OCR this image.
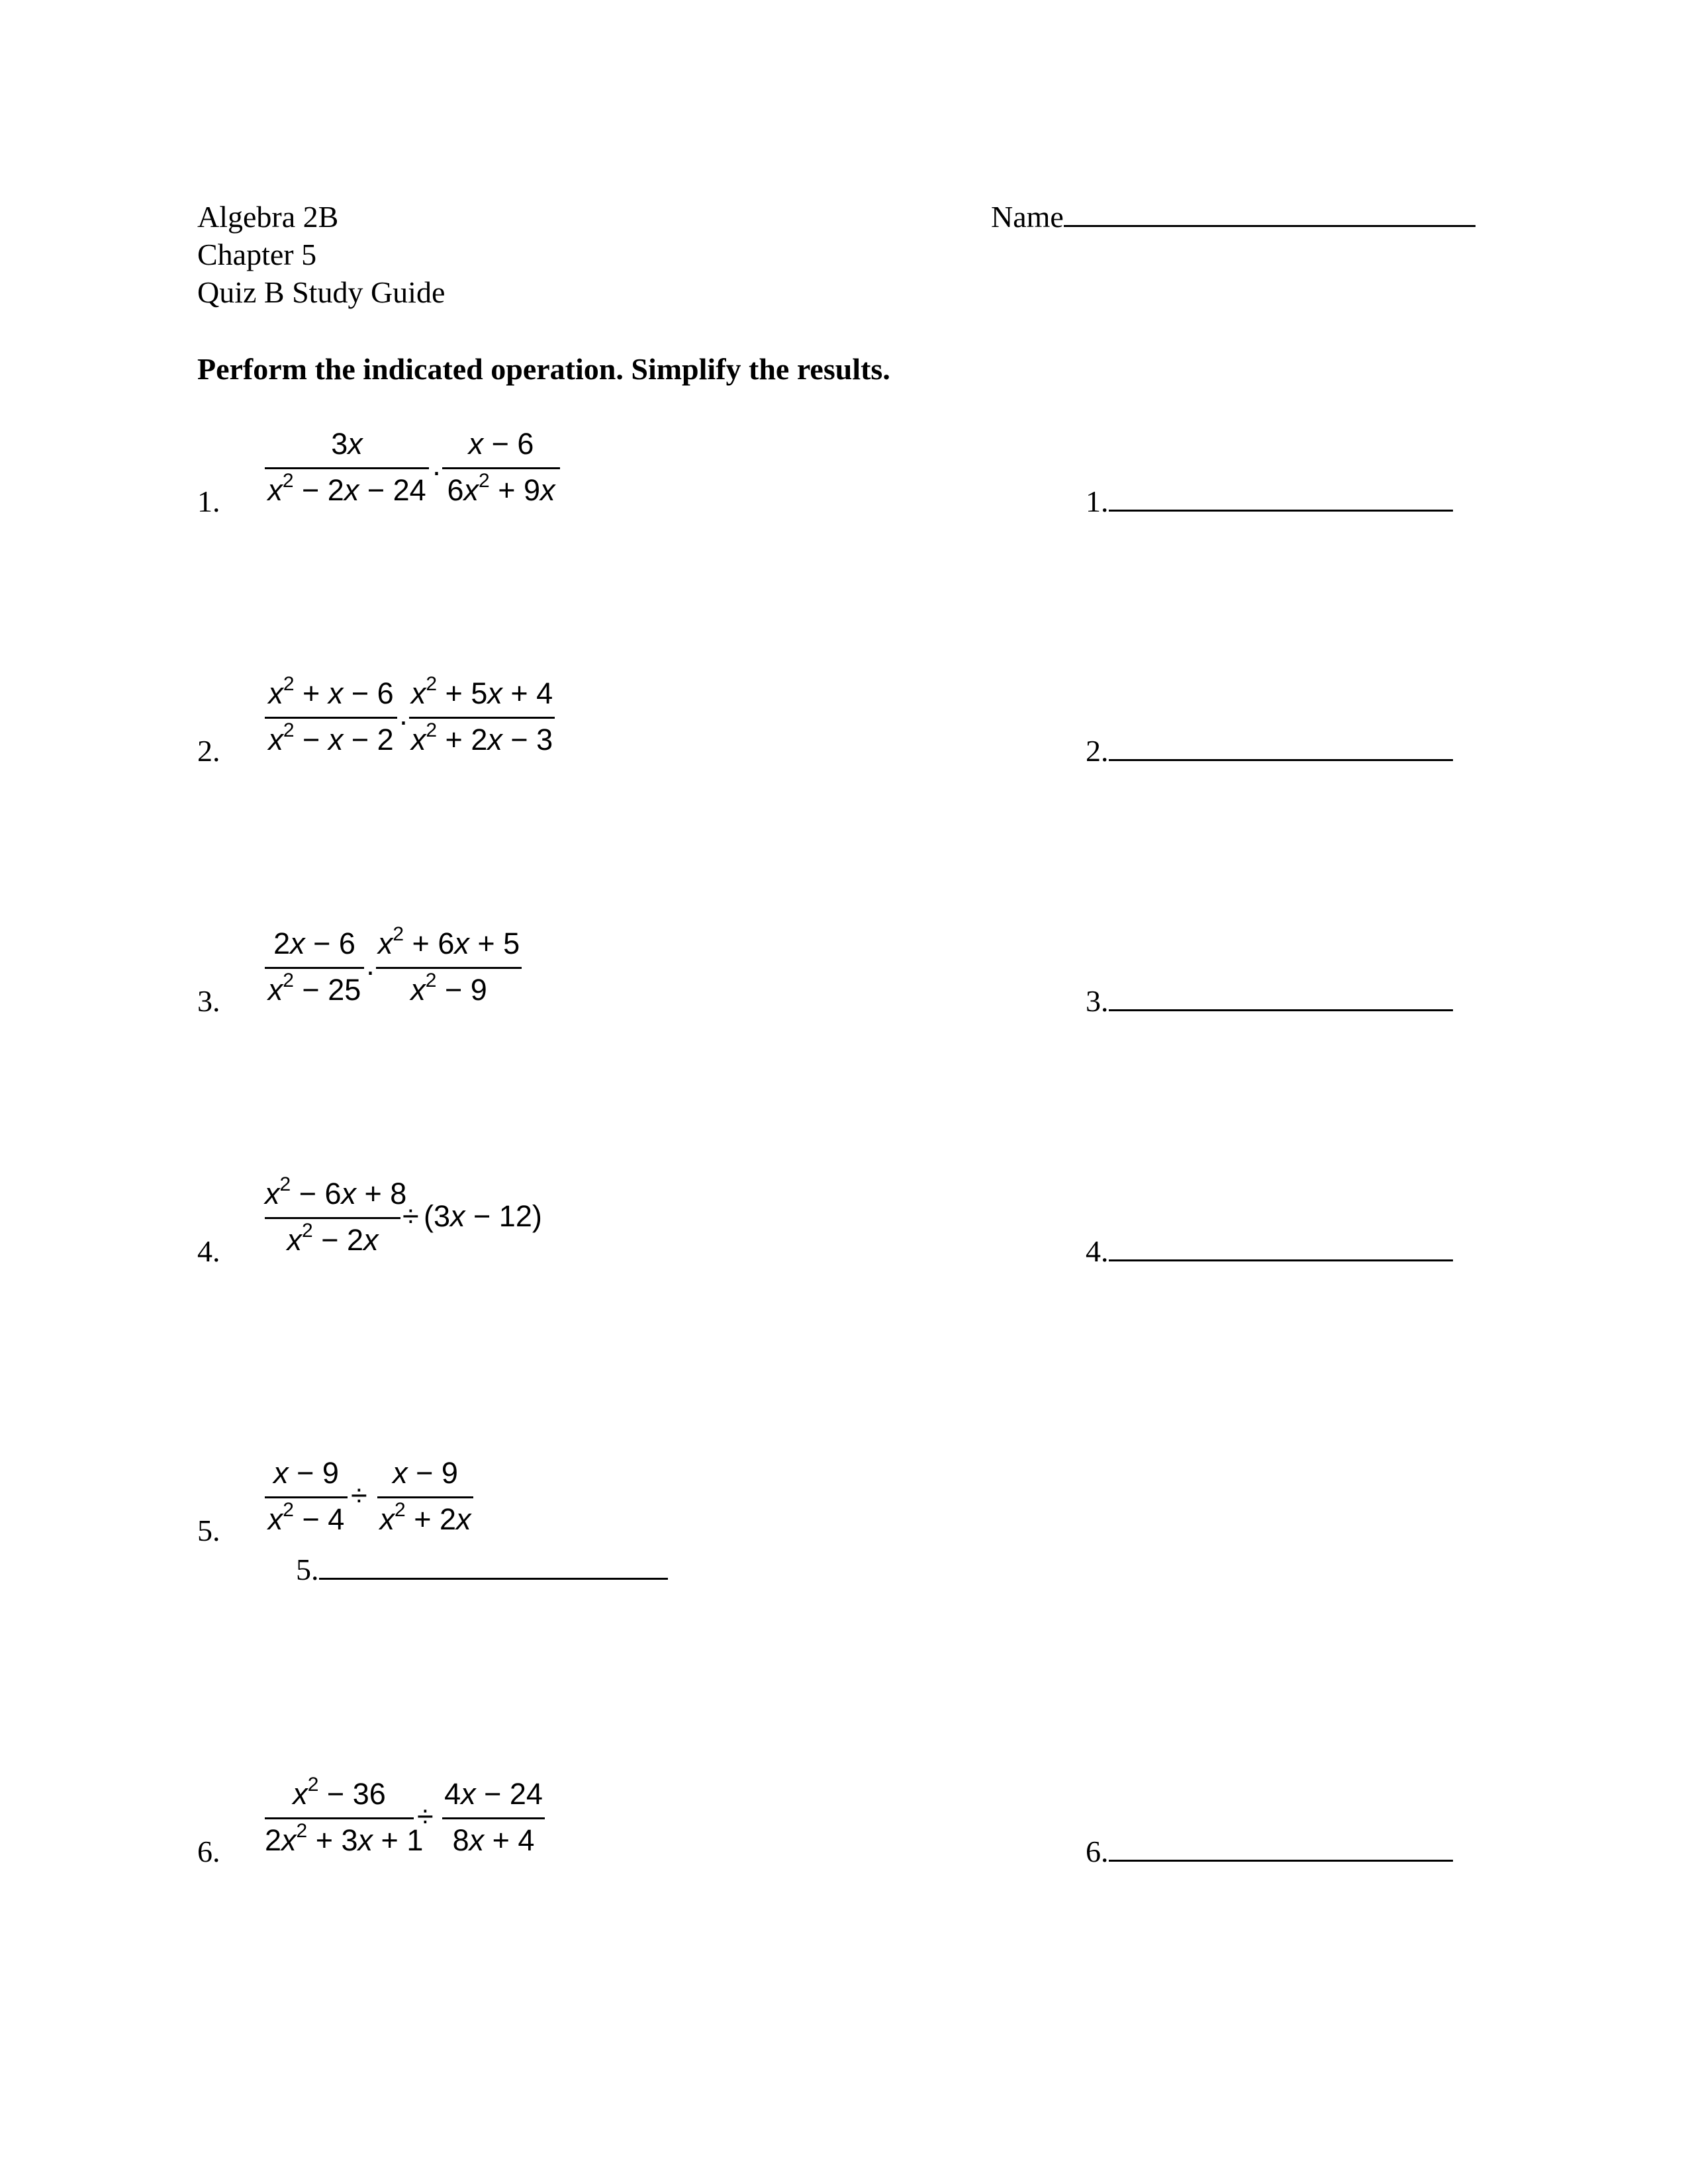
Algebra 2B
Chapter 5
Quiz B Study Guide
Name
Perform the indicated operation. Simplify the results.
1.
3x
$x^2 - 2x - 24$
·
x − 6
$6x^2 + 9x$	1.
2.
$x^2 + x - 6$
$x^2 - x - 2$
·
$x^2 + 5x + 4$
$x^2 + 2x - 3$	2.
3.
2x − 6
$x^2 - 25$
·
$x^2 + 6x + 5$
$x^2 - 9$	3.
4.
$x^2 - 6x + 8$
$x^2 - 2x$
÷ (3x − 12)
4.
5.
x − 9
$x^2 - 4$
÷
x − 9
$x^2 + 2x$
5.
6.
$x^2 - 36$
$2x^2 + 3x + 1$
÷
4x − 24
8x + 4	6.
